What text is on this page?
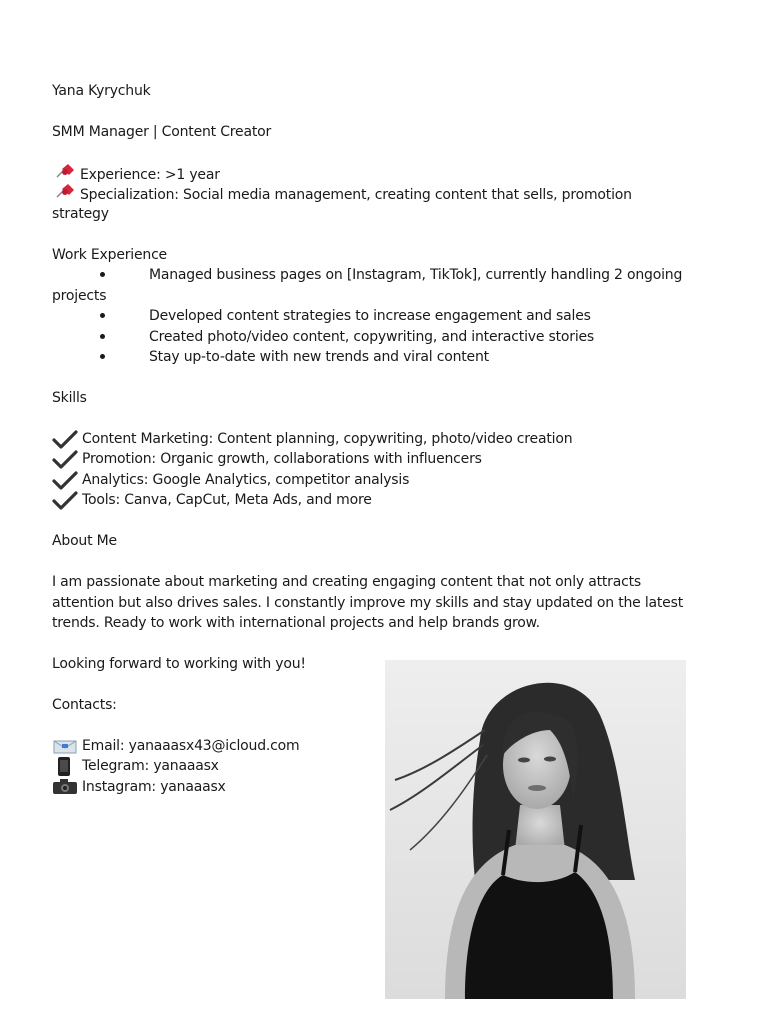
Yana Kyrychuk
SMM Manager | Content Creator
Experience: >1 year
Specialization: Social media management, creating content that sells, promotion
strategy
Work Experience
Managed business pages on [Instagram, TikTok], currently handling 2 ongoing
projects
Developed content strategies to increase engagement and sales
Created photo/video content, copywriting, and interactive stories
Stay up-to-date with new trends and viral content
Skills
Content Marketing: Content planning, copywriting, photo/video creation
Promotion: Organic growth, collaborations with influencers
Analytics: Google Analytics, competitor analysis
Tools: Canva, CapCut, Meta Ads, and more
About Me
I am passionate about marketing and creating engaging content that not only attracts
attention but also drives sales. I constantly improve my skills and stay updated on the latest
trends. Ready to work with international projects and help brands grow.
Looking forward to working with you!
Contacts:
Email: yanaaasx43@icloud.com
Telegram: yanaaasx
Instagram: yanaaasx
